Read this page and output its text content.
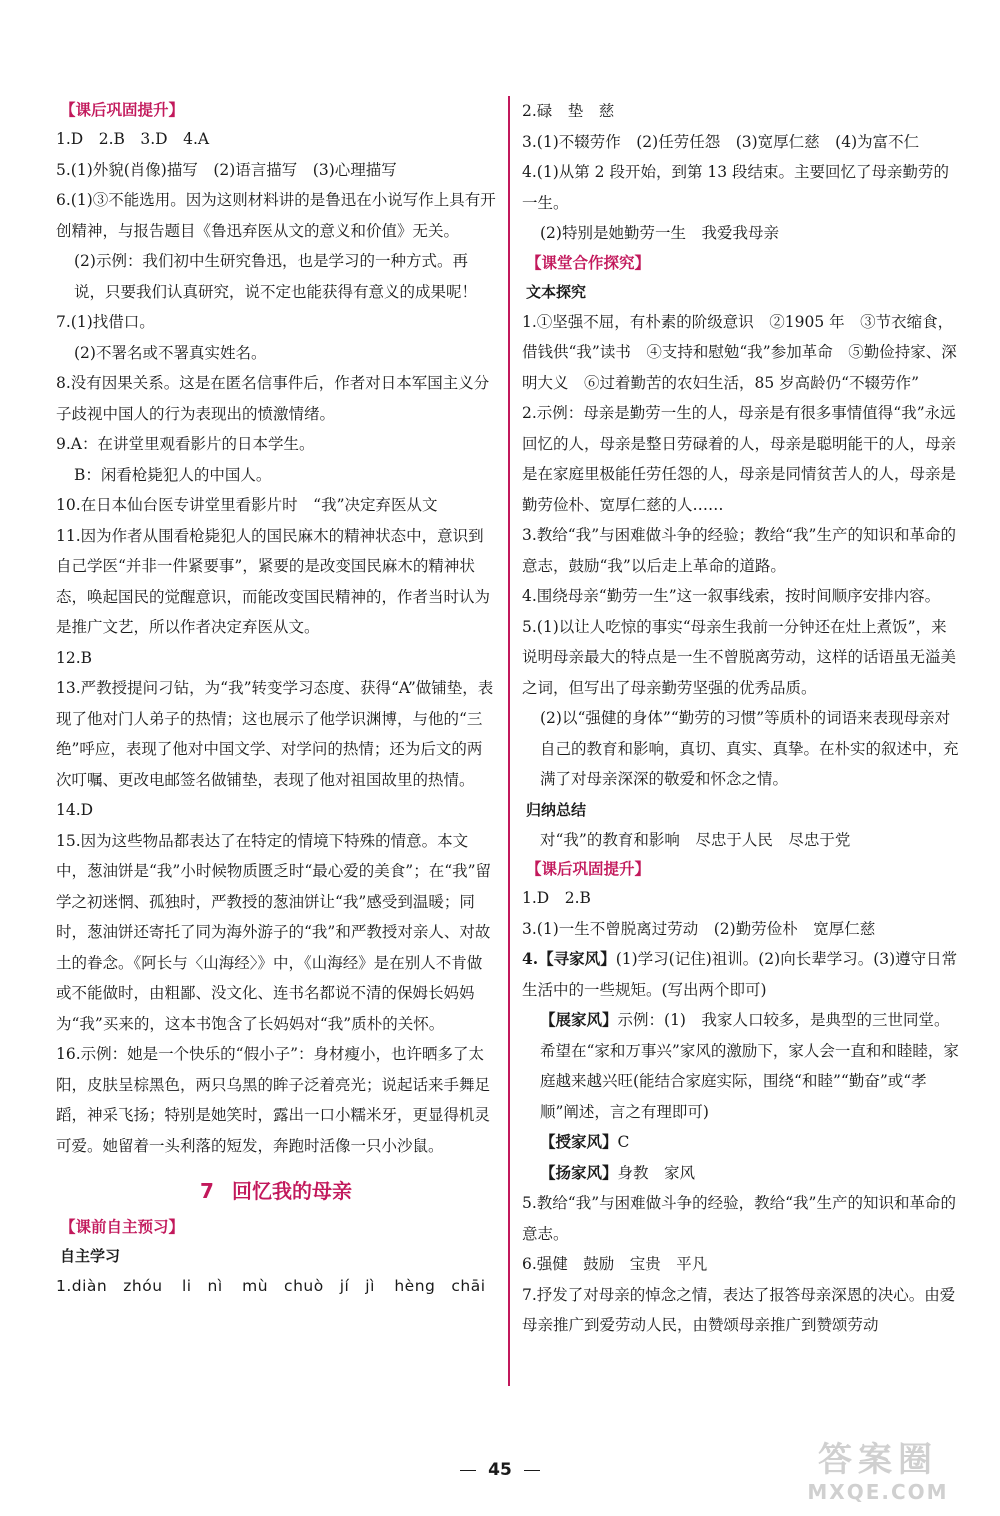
【课后巩固提升】
1.D　2.B　3.D　4.A
5.(1)外貌(肖像)描写　(2)语言描写　(3)心理描写
6.(1)③不能选用。因为这则材料讲的是鲁迅在小说写作上具有开创精神，与报告题目《鲁迅弃医从文的意义和价值》无关。
(2)示例：我们初中生研究鲁迅，也是学习的一种方式。再说，只要我们认真研究，说不定也能获得有意义的成果呢！
7.(1)找借口。
(2)不署名或不署真实姓名。
8.没有因果关系。这是在匿名信事件后，作者对日本军国主义分子歧视中国人的行为表现出的愤激情绪。
9.A：在讲堂里观看影片的日本学生。
B：闲看枪毙犯人的中国人。
10.在日本仙台医专讲堂里看影片时　“我”决定弃医从文
11.因为作者从围看枪毙犯人的国民麻木的精神状态中，意识到自己学医“并非一件紧要事”，紧要的是改变国民麻木的精神状态，唤起国民的觉醒意识，而能改变国民精神的，作者当时认为是推广文艺，所以作者决定弃医从文。
12.B
13.严教授提问刁钻，为“我”转变学习态度、获得“A”做铺垫，表现了他对门人弟子的热情；这也展示了他学识渊博，与他的“三绝”呼应，表现了他对中国文学、对学问的热情；还为后文的两次叮嘱、更改电邮签名做铺垫，表现了他对祖国故里的热情。
14.D
15.因为这些物品都表达了在特定的情境下特殊的情意。本文中，葱油饼是“我”小时候物质匮乏时“最心爱的美食”；在“我”留学之初迷惘、孤独时，严教授的葱油饼让“我”感受到温暖；同时，葱油饼还寄托了同为海外游子的“我”和严教授对亲人、对故土的眷念。《阿长与〈山海经〉》中，《山海经》是在别人不肯做或不能做时，由粗鄙、没文化、连书名都说不清的保姆长妈妈为“我”买来的，这本书饱含了长妈妈对“我”质朴的关怀。
16.示例：她是一个快乐的“假小子”：身材瘦小，也许晒多了太阳，皮肤呈棕黑色，两只乌黑的眸子泛着亮光；说起话来手舞足蹈，神采飞扬；特别是她笑时，露出一口小糯米牙，更显得机灵可爱。她留着一头利落的短发，奔跑时活像一只小沙鼠。
7 回忆我的母亲
【课前自主预习】
自主学习
1.diàn　zhóu li　nì mù　chuò　jí　jì hèng　chāi
2.碌　垫　慈
3.(1)不辍劳作　(2)任劳任怨　(3)宽厚仁慈　(4)为富不仁
4.(1)从第 2 段开始，到第 13 段结束。主要回忆了母亲勤劳的一生。
(2)特别是她勤劳一生　我爱我母亲
【课堂合作探究】
文本探究
1.①坚强不屈，有朴素的阶级意识　②1905 年　③节衣缩食，借钱供“我”读书　④支持和慰勉“我”参加革命　⑤勤俭持家、深明大义　⑥过着勤苦的农妇生活，85 岁高龄仍“不辍劳作”
2.示例：母亲是勤劳一生的人，母亲是有很多事情值得“我”永远回忆的人，母亲是整日劳碌着的人，母亲是聪明能干的人，母亲是在家庭里极能任劳任怨的人，母亲是同情贫苦人的人，母亲是勤劳俭朴、宽厚仁慈的人……
3.教给“我”与困难做斗争的经验；教给“我”生产的知识和革命的意志，鼓励“我”以后走上革命的道路。
4.围绕母亲“勤劳一生”这一叙事线索，按时间顺序安排内容。
5.(1)以让人吃惊的事实“母亲生我前一分钟还在灶上煮饭”，来说明母亲最大的特点是一生不曾脱离劳动，这样的话语虽无溢美之词，但写出了母亲勤劳坚强的优秀品质。
(2)以“强健的身体”“勤劳的习惯”等质朴的词语来表现母亲对自己的教育和影响，真切、真实、真挚。在朴实的叙述中，充满了对母亲深深的敬爱和怀念之情。
归纳总结
对“我”的教育和影响　尽忠于人民　尽忠于党
【课后巩固提升】
1.D　2.B
3.(1)一生不曾脱离过劳动　(2)勤劳俭朴　宽厚仁慈
4.【寻家风】(1)学习(记住)祖训。(2)向长辈学习。(3)遵守日常生活中的一些规矩。(写出两个即可)
【展家风】示例：(1)　我家人口较多，是典型的三世同堂。希望在“家和万事兴”家风的激励下，家人会一直和和睦睦，家庭越来越兴旺(能结合家庭实际，围绕“和睦”“勤奋”或“孝顺”阐述，言之有理即可)
【授家风】C
【扬家风】身教　家风
5.教给“我”与困难做斗争的经验，教给“我”生产的知识和革命的意志。
6.强健　鼓励　宝贵　平凡
7.抒发了对母亲的悼念之情，表达了报答母亲深恩的决心。由爱母亲推广到爱劳动人民，由赞颂母亲推广到赞颂劳动
45	答案圈
MXQE.COM
